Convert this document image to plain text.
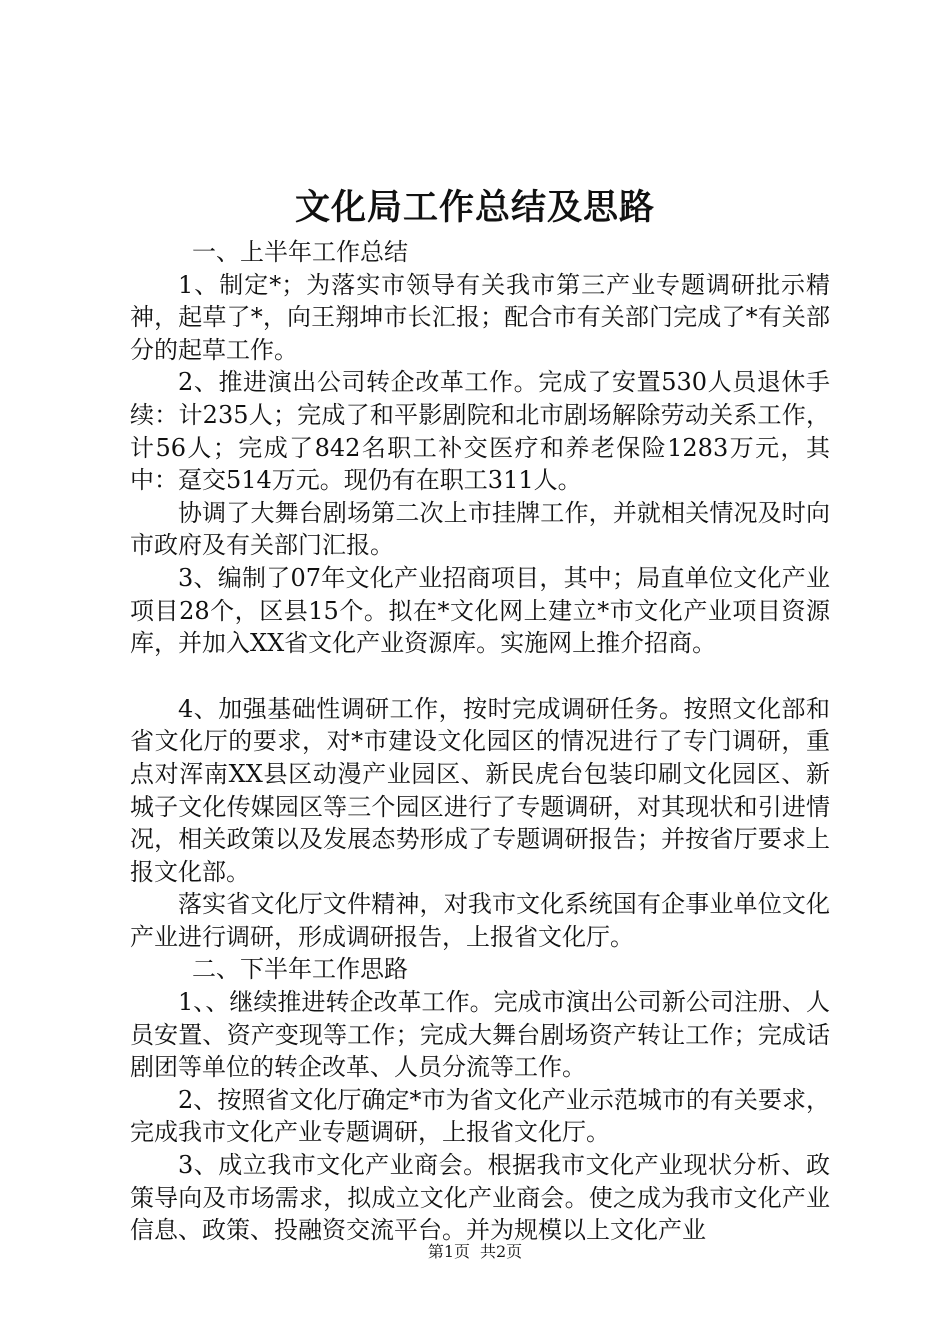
文化局工作总结及思路

一、上半年工作总结

1、制定*；为落实市领导有关我市第三产业专题调研批示精神，起草了*，向王翔坤市长汇报；配合市有关部门完成了*有关部分的起草工作。

2、推进演出公司转企改革工作。完成了安置530人员退休手续：计235人；完成了和平影剧院和北市剧场解除劳动关系工作，计56人；完成了842名职工补交医疗和养老保险1283万元，其中：趸交514万元。现仍有在职工311人。

协调了大舞台剧场第二次上市挂牌工作，并就相关情况及时向市政府及有关部门汇报。

3、编制了07年文化产业招商项目，其中；局直单位文化产业项目28个，区县15个。拟在*文化网上建立*市文化产业项目资源库，并加入XX省文化产业资源库。实施网上推介招商。

4、加强基础性调研工作，按时完成调研任务。按照文化部和省文化厅的要求，对*市建设文化园区的情况进行了专门调研，重点对浑南XX县区动漫产业园区、新民虎台包装印刷文化园区、新城子文化传媒园区等三个园区进行了专题调研，对其现状和引进情况，相关政策以及发展态势形成了专题调研报告；并按省厅要求上报文化部。

落实省文化厅文件精神，对我市文化系统国有企事业单位文化产业进行调研，形成调研报告，上报省文化厅。

二、下半年工作思路

1、、继续推进转企改革工作。完成市演出公司新公司注册、人员安置、资产变现等工作；完成大舞台剧场资产转让工作；完成话剧团等单位的转企改革、人员分流等工作。

2、按照省文化厅确定*市为省文化产业示范城市的有关要求，完成我市文化产业专题调研，上报省文化厅。

3、成立我市文化产业商会。根据我市文化产业现状分析、政策导向及市场需求，拟成立文化产业商会。使之成为我市文化产业信息、政策、投融资交流平台。并为规模以上文化产业

第1页 共2页
